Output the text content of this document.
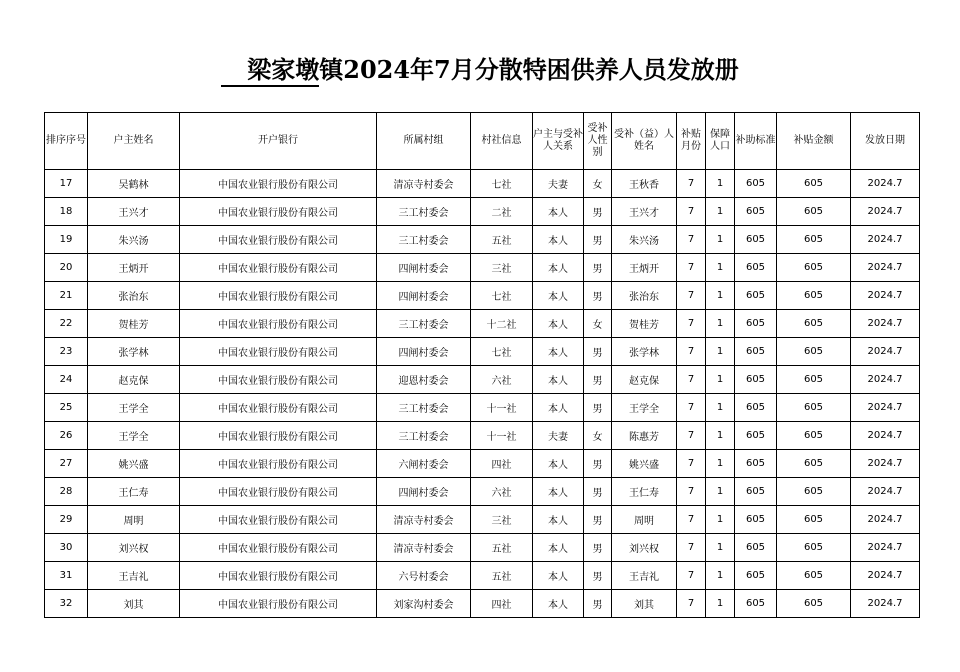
梁家墩镇2024年7月分散特困供养人员发放册
排序序号	户主姓名	开户银行	所属村组	村社信息	户主与受补人关系	受补人性别	受补（益）人姓名	补贴月份	保障人口	补助标准	补贴金额	发放日期
17	吴鹤林	中国农业银行股份有限公司	清凉寺村委会	七社	夫妻	女	王秋香	7	1	605	605	2024.7
18	王兴才	中国农业银行股份有限公司	三工村委会	二社	本人	男	王兴才	7	1	605	605	2024.7
19	朱兴汤	中国农业银行股份有限公司	三工村委会	五社	本人	男	朱兴汤	7	1	605	605	2024.7
20	王炳开	中国农业银行股份有限公司	四闸村委会	三社	本人	男	王炳开	7	1	605	605	2024.7
21	张治东	中国农业银行股份有限公司	四闸村委会	七社	本人	男	张治东	7	1	605	605	2024.7
22	贺桂芳	中国农业银行股份有限公司	三工村委会	十二社	本人	女	贺桂芳	7	1	605	605	2024.7
23	张学林	中国农业银行股份有限公司	四闸村委会	七社	本人	男	张学林	7	1	605	605	2024.7
24	赵克保	中国农业银行股份有限公司	迎恩村委会	六社	本人	男	赵克保	7	1	605	605	2024.7
25	王学全	中国农业银行股份有限公司	三工村委会	十一社	本人	男	王学全	7	1	605	605	2024.7
26	王学全	中国农业银行股份有限公司	三工村委会	十一社	夫妻	女	陈惠芳	7	1	605	605	2024.7
27	姚兴盛	中国农业银行股份有限公司	六闸村委会	四社	本人	男	姚兴盛	7	1	605	605	2024.7
28	王仁寿	中国农业银行股份有限公司	四闸村委会	六社	本人	男	王仁寿	7	1	605	605	2024.7
29	周明	中国农业银行股份有限公司	清凉寺村委会	三社	本人	男	周明	7	1	605	605	2024.7
30	刘兴权	中国农业银行股份有限公司	清凉寺村委会	五社	本人	男	刘兴权	7	1	605	605	2024.7
31	王吉礼	中国农业银行股份有限公司	六号村委会	五社	本人	男	王吉礼	7	1	605	605	2024.7
32	刘其	中国农业银行股份有限公司	刘家沟村委会	四社	本人	男	刘其	7	1	605	605	2024.7
